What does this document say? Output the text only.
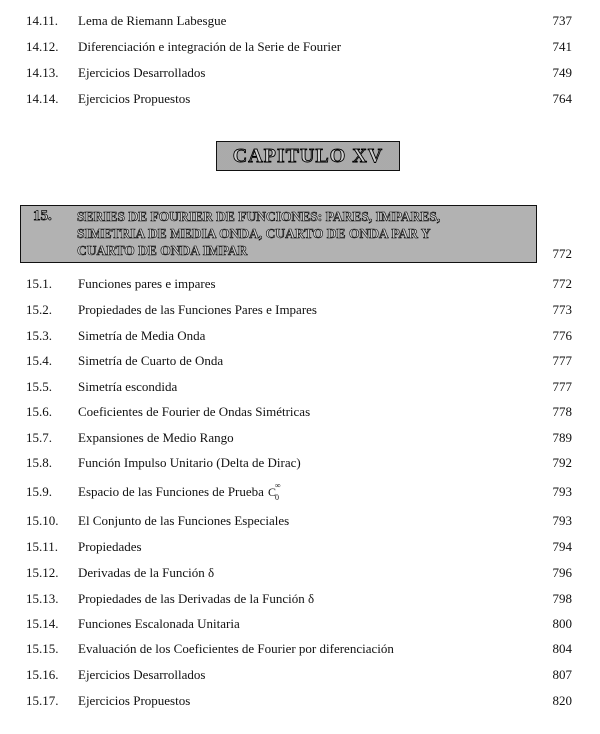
14.11. Lema de Riemann Labesgue	737
14.12. Diferenciación e integración de la Serie de Fourier	741
14.13. Ejercicios Desarrollados	749
14.14. Ejercicios Propuestos	764
CAPITULO XV
15. SERIES DE FOURIER DE FUNCIONES: PARES, IMPARES,
SIMETRIA DE MEDIA ONDA, CUARTO DE ONDA PAR Y
CUARTO DE ONDA IMPAR	772
15.1. Funciones pares e impares	772
15.2. Propiedades de las Funciones Pares e Impares	773
15.3. Simetría de Media Onda	776
15.4. Simetría de Cuarto de Onda	777
15.5. Simetría escondida	777
15.6. Coeficientes de Fourier de Ondas Simétricas	778
15.7. Expansiones de Medio Rango	789
15.8. Función Impulso Unitario (Delta de Dirac)	792
15.9. Espacio de las Funciones de Prueba C
∞
0	793
15.10. El Conjunto de las Funciones Especiales	793
15.11. Propiedades	794
15.12. Derivadas de la Función δ	796
15.13. Propiedades de las Derivadas de la Función δ	798
15.14. Funciones Escalonada Unitaria	800
15.15. Evaluación de los Coeficientes de Fourier por diferenciación	804
15.16. Ejercicios Desarrollados	807
15.17. Ejercicios Propuestos	820
